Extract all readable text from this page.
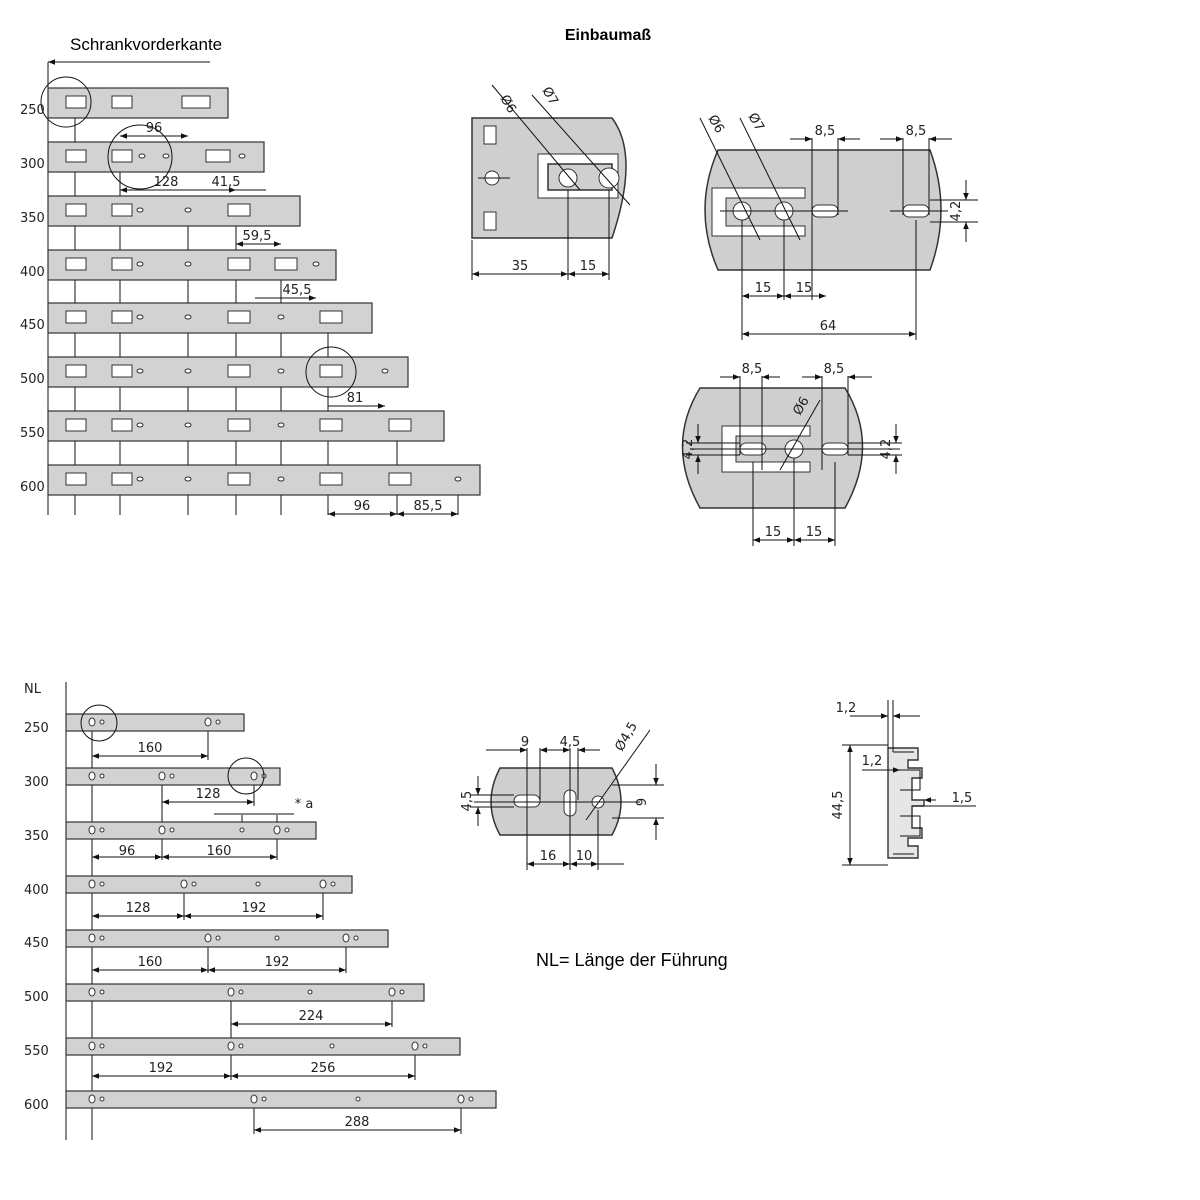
Einbaumaß
Schrankvorderkante
250
300
350
400
450
500
550
600
96
128	41,5
59,5
45,5
81
96	85,5
Ø6 Ø7
35	15
Ø6 Ø7	8,5	8,5
4,2
15 15
64
8,5	8,5
Ø6
4,2	4,2
15 15
NL
250
300
350
400
450
500
550
600
160
128
* a
96	160
128	192
160	192
224
192	256
288
9 4,5 Ø4,5
4,5	9
16 10
1,2
1,2
1,5
44,5
NL= Länge der Führung
